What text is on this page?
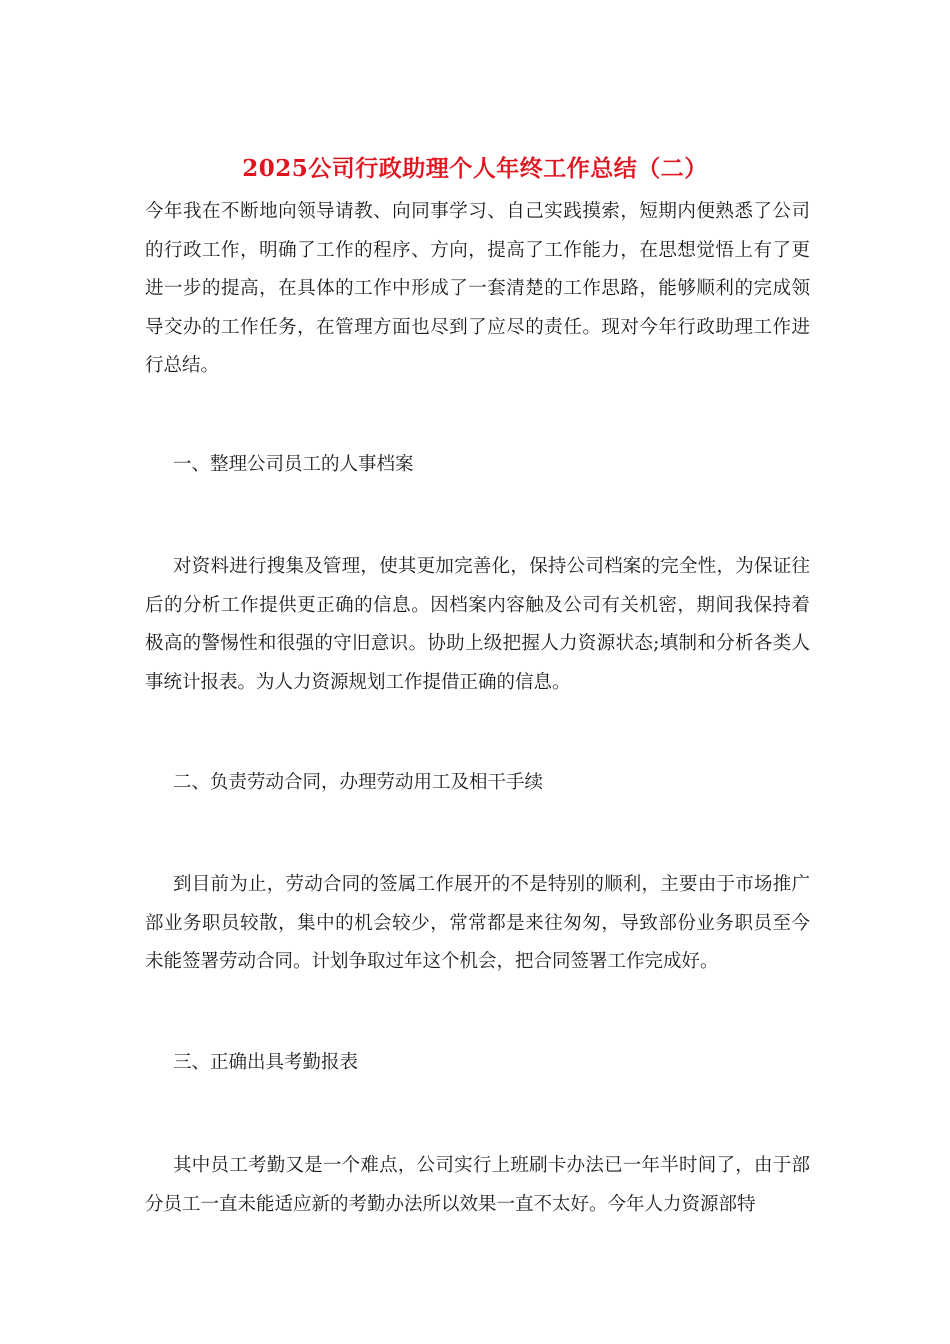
2025公司行政助理个人年终工作总结（二）

今年我在不断地向领导请教、向同事学习、自己实践摸索，短期内便熟悉了公司的行政工作，明确了工作的程序、方向，提高了工作能力，在思想觉悟上有了更进一步的提高，在具体的工作中形成了一套清楚的工作思路，能够顺利的完成领导交办的工作任务，在管理方面也尽到了应尽的责任。现对今年行政助理工作进行总结。

一、整理公司员工的人事档案

对资料进行搜集及管理，使其更加完善化，保持公司档案的完全性，为保证往后的分析工作提供更正确的信息。因档案内容触及公司有关机密，期间我保持着极高的警惕性和很强的守旧意识。协助上级把握人力资源状态;填制和分析各类人事统计报表。为人力资源规划工作提借正确的信息。

二、负责劳动合同，办理劳动用工及相干手续

到目前为止，劳动合同的签属工作展开的不是特别的顺利，主要由于市场推广部业务职员较散，集中的机会较少，常常都是来往匆匆，导致部份业务职员至今未能签署劳动合同。计划争取过年这个机会，把合同签署工作完成好。

三、正确出具考勤报表

其中员工考勤又是一个难点，公司实行上班刷卡办法已一年半时间了，由于部分员工一直未能适应新的考勤办法所以效果一直不太好。今年人力资源部特
